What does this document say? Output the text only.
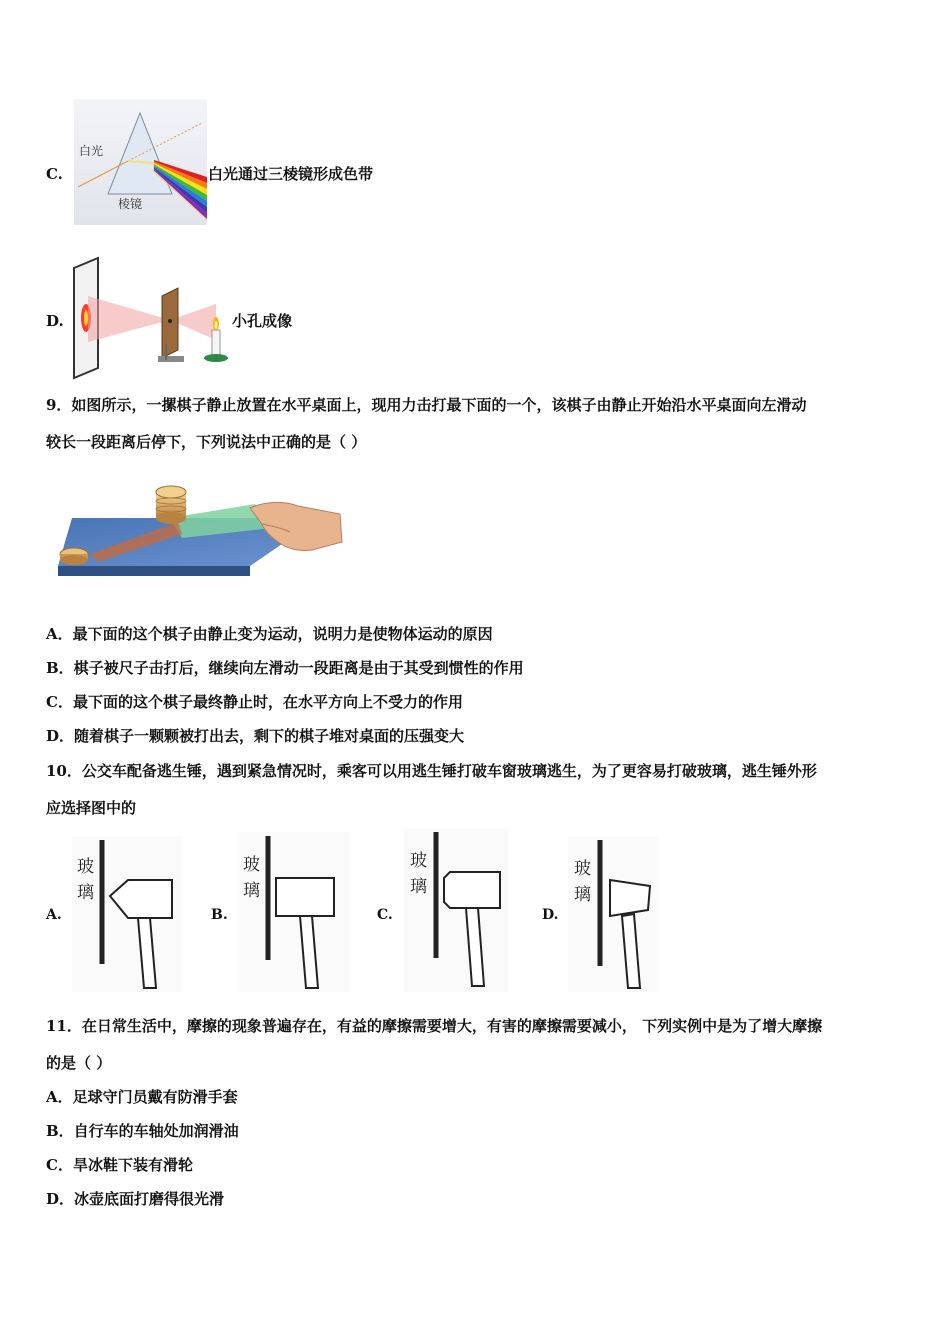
C.
白光
棱镜
白光通过三棱镜形成色带
D.	小孔成像
9．如图所示，一摞棋子静止放置在水平桌面上，现用力击打最下面的一个，该棋子由静止开始沿水平桌面向左滑动
较长一段距离后停下，下列说法中正确的是（ ）
A．最下面的这个棋子由静止变为运动，说明力是使物体运动的原因
B．棋子被尺子击打后，继续向左滑动一段距离是由于其受到惯性的作用
C．最下面的这个棋子最终静止时，在水平方向上不受力的作用
D．随着棋子一颗颗被打出去，剩下的棋子堆对桌面的压强变大
10．公交车配备逃生锤，遇到紧急情况时，乘客可以用逃生锤打破车窗玻璃逃生，为了更容易打破玻璃，逃生锤外形
应选择图中的
A.
玻
璃
B.
玻
璃
C.
玻
璃
D.
玻
璃
11．在日常生活中，摩擦的现象普遍存在，有益的摩擦需要增大，有害的摩擦需要减小， 下列实例中是为了增大摩擦
的是（ ）
A．足球守门员戴有防滑手套
B．自行车的车轴处加润滑油
C．旱冰鞋下装有滑轮
D．冰壶底面打磨得很光滑
